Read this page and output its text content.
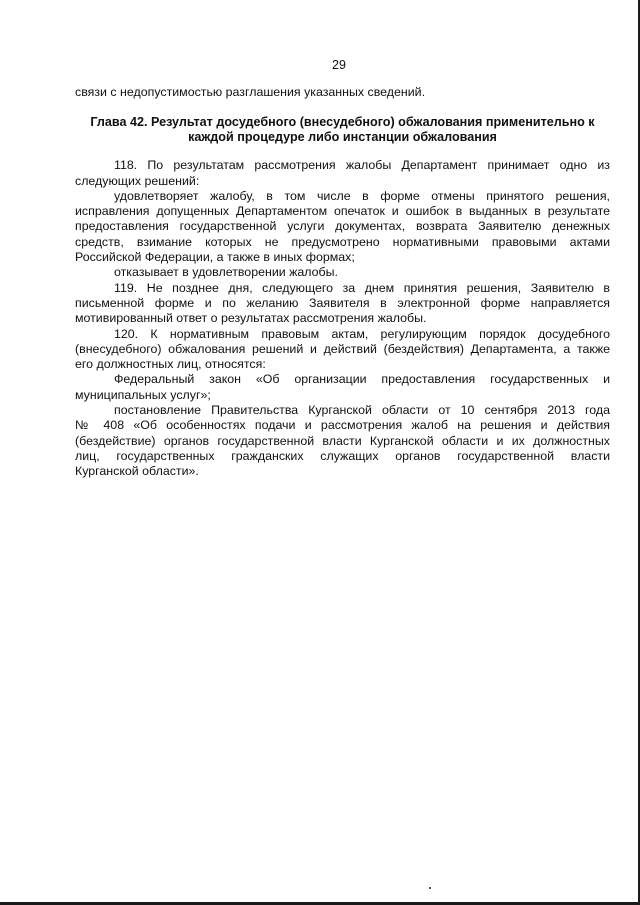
29
связи с недопустимостью разглашения указанных сведений.
Глава 42. Результат досудебного (внесудебного) обжалования применительно к
каждой процедуре либо инстанции обжалования
118. По результатам рассмотрения жалобы Департамент принимает одно из
следующих решений:
удовлетворяет жалобу, в том числе в форме отмены принятого решения,
исправления допущенных Департаментом опечаток и ошибок в выданных в результате
предоставления государственной услуги документах, возврата Заявителю денежных
средств, взимание которых не предусмотрено нормативными правовыми актами
Российской Федерации, а также в иных формах;
отказывает в удовлетворении жалобы.
119. Не позднее дня, следующего за днем принятия решения, Заявителю в
письменной форме и по желанию Заявителя в электронной форме направляется
мотивированный ответ о результатах рассмотрения жалобы.
120. К нормативным правовым актам, регулирующим порядок досудебного
(внесудебного) обжалования решений и действий (бездействия) Департамента, а также
его должностных лиц, относятся:
Федеральный закон «Об организации предоставления государственных и
муниципальных услуг»;
постановление Правительства Курганской области от 10 сентября 2013 года
№ 408 «Об особенностях подачи и рассмотрения жалоб на решения и действия
(бездействие) органов государственной власти Курганской области и их должностных
лиц, государственных гражданских служащих органов государственной власти
Курганской области».
